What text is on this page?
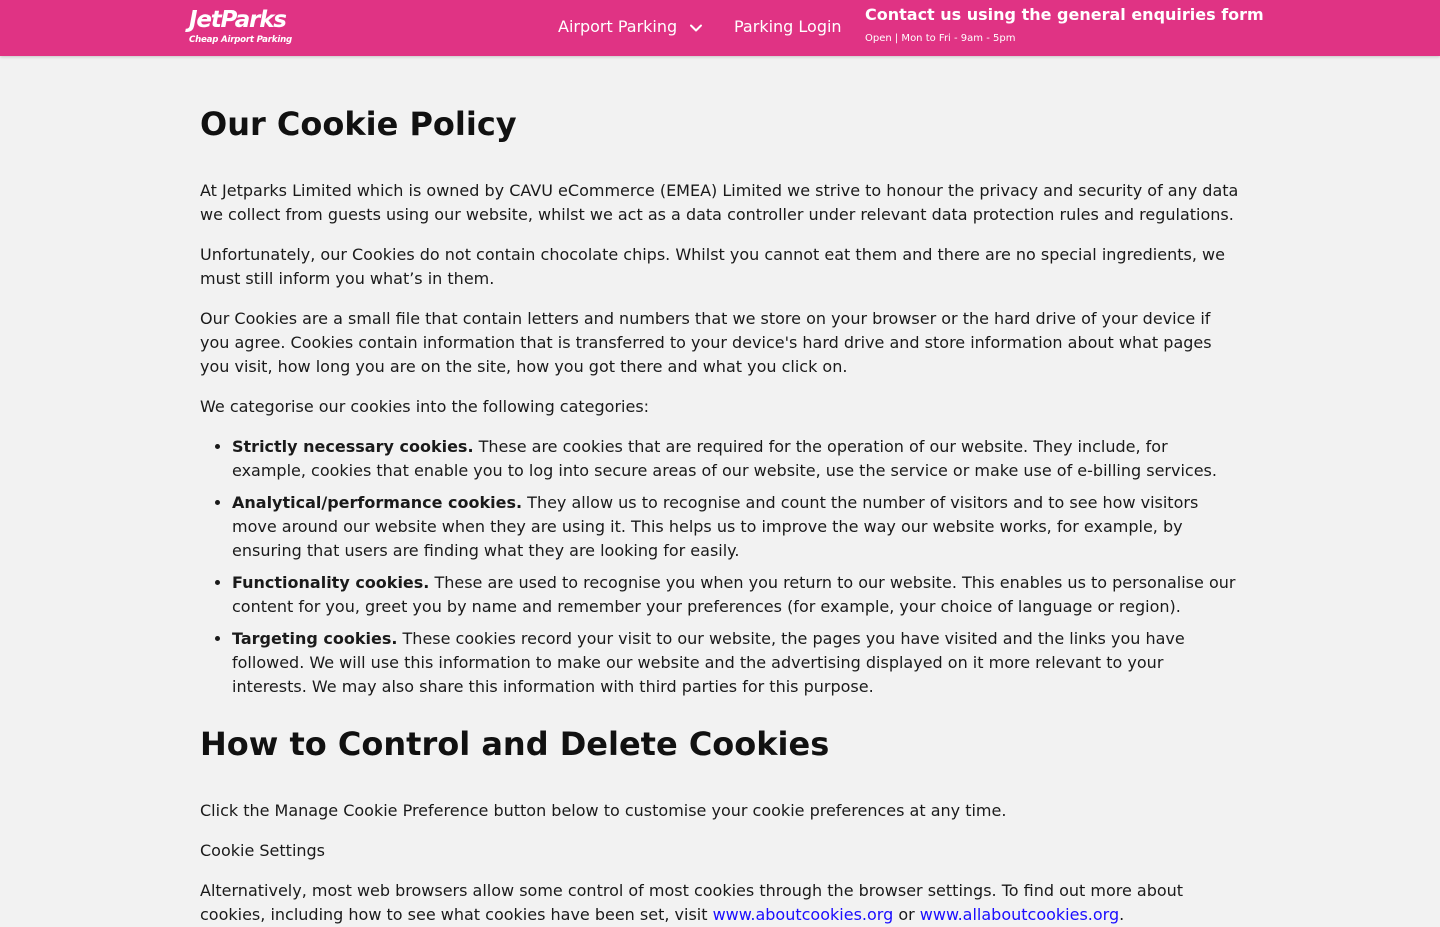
JetParks
Cheap Airport Parking
Airport Parking	Parking Login
Contact us using the general enquiries form
Open | Mon to Fri - 9am - 5pm
Our Cookie Policy

At Jetparks Limited which is owned by CAVU eCommerce (EMEA) Limited we strive to honour the privacy and security of any data we collect from guests using our website, whilst we act as a data controller under relevant data protection rules and regulations.

Unfortunately, our Cookies do not contain chocolate chips. Whilst you cannot eat them and there are no special ingredients, we must still inform you what’s in them.

Our Cookies are a small file that contain letters and numbers that we store on your browser or the hard drive of your device if you agree. Cookies contain information that is transferred to your device's hard drive and store information about what pages you visit, how long you are on the site, how you got there and what you click on.

We categorise our cookies into the following categories:

• Strictly necessary cookies. These are cookies that are required for the operation of our website. They include, for example, cookies that enable you to log into secure areas of our website, use the service or make use of e-billing services.
• Analytical/performance cookies. They allow us to recognise and count the number of visitors and to see how visitors move around our website when they are using it. This helps us to improve the way our website works, for example, by ensuring that users are finding what they are looking for easily.
• Functionality cookies. These are used to recognise you when you return to our website. This enables us to personalise our content for you, greet you by name and remember your preferences (for example, your choice of language or region).
• Targeting cookies. These cookies record your visit to our website, the pages you have visited and the links you have followed. We will use this information to make our website and the advertising displayed on it more relevant to your interests. We may also share this information with third parties for this purpose.
How to Control and Delete Cookies

Click the Manage Cookie Preference button below to customise your cookie preferences at any time.

Cookie Settings

Alternatively, most web browsers allow some control of most cookies through the browser settings. To find out more about cookies, including how to see what cookies have been set, visit www.aboutcookies.org or www.allaboutcookies.org.
